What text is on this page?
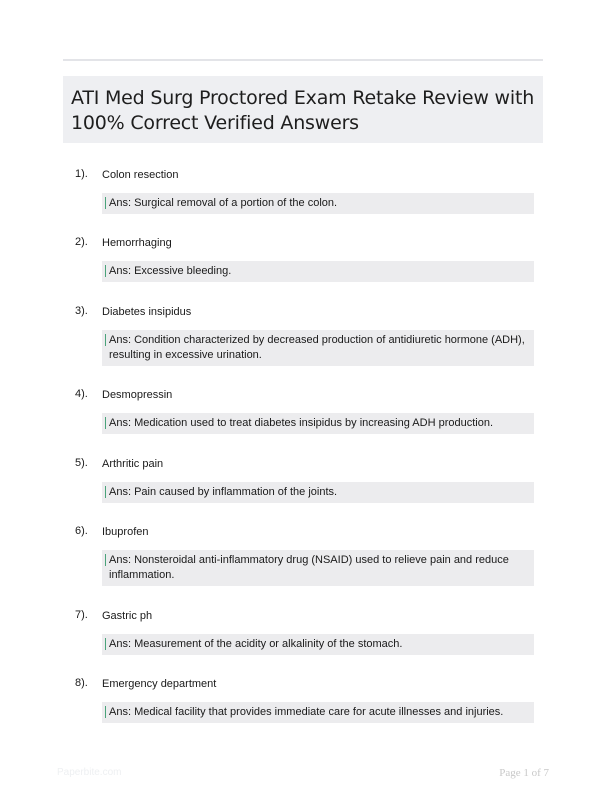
ATI Med Surg Proctored Exam Retake Review with 100% Correct Verified Answers
1). Colon resection
Ans: Surgical removal of a portion of the colon.
2). Hemorrhaging
Ans: Excessive bleeding.
3). Diabetes insipidus
Ans: Condition characterized by decreased production of antidiuretic hormone (ADH), resulting in excessive urination.
4). Desmopressin
Ans: Medication used to treat diabetes insipidus by increasing ADH production.
5). Arthritic pain
Ans: Pain caused by inflammation of the joints.
6). Ibuprofen
Ans: Nonsteroidal anti-inflammatory drug (NSAID) used to relieve pain and reduce inflammation.
7). Gastric ph
Ans: Measurement of the acidity or alkalinity of the stomach.
8). Emergency department
Ans: Medical facility that provides immediate care for acute illnesses and injuries.
Paperbite.com	Page 1 of 7
